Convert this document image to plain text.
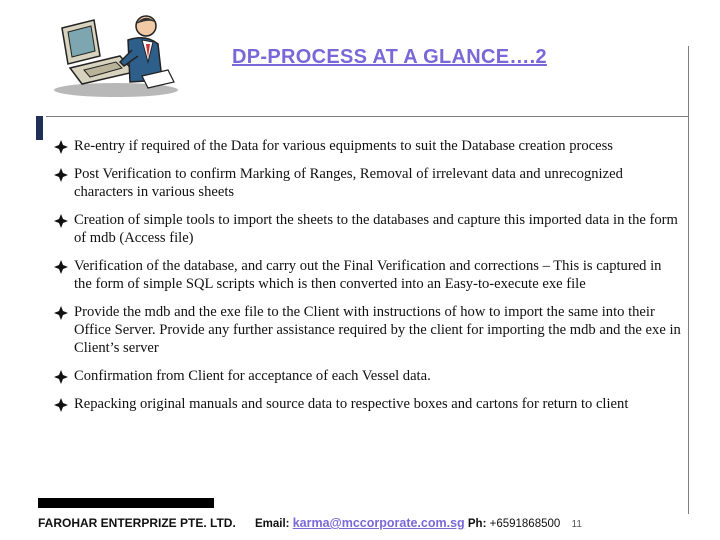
DP-PROCESS AT A GLANCE….2
Re-entry if required of the Data for various equipments to suit the Database creation process
Post Verification to confirm Marking of Ranges, Removal of irrelevant data and unrecognized characters in various sheets
Creation of simple tools to import the sheets to the databases and capture this imported data in the form of mdb (Access file)
Verification of the database, and carry out the Final Verification and corrections – This is captured in the form of simple SQL scripts which is then converted into an Easy-to-execute exe file
Provide the mdb and the exe file to the Client with instructions of how to import the same into their Office Server. Provide any further assistance required by the client for importing the mdb and the exe in Client’s server
Confirmation from Client for acceptance of each Vessel data.
Repacking original manuals and source data to respective boxes and cartons for return to client
FAROHAR ENTERPRIZE PTE. LTD. Email: karma@mccorporate.com.sg Ph: +6591868500 11
